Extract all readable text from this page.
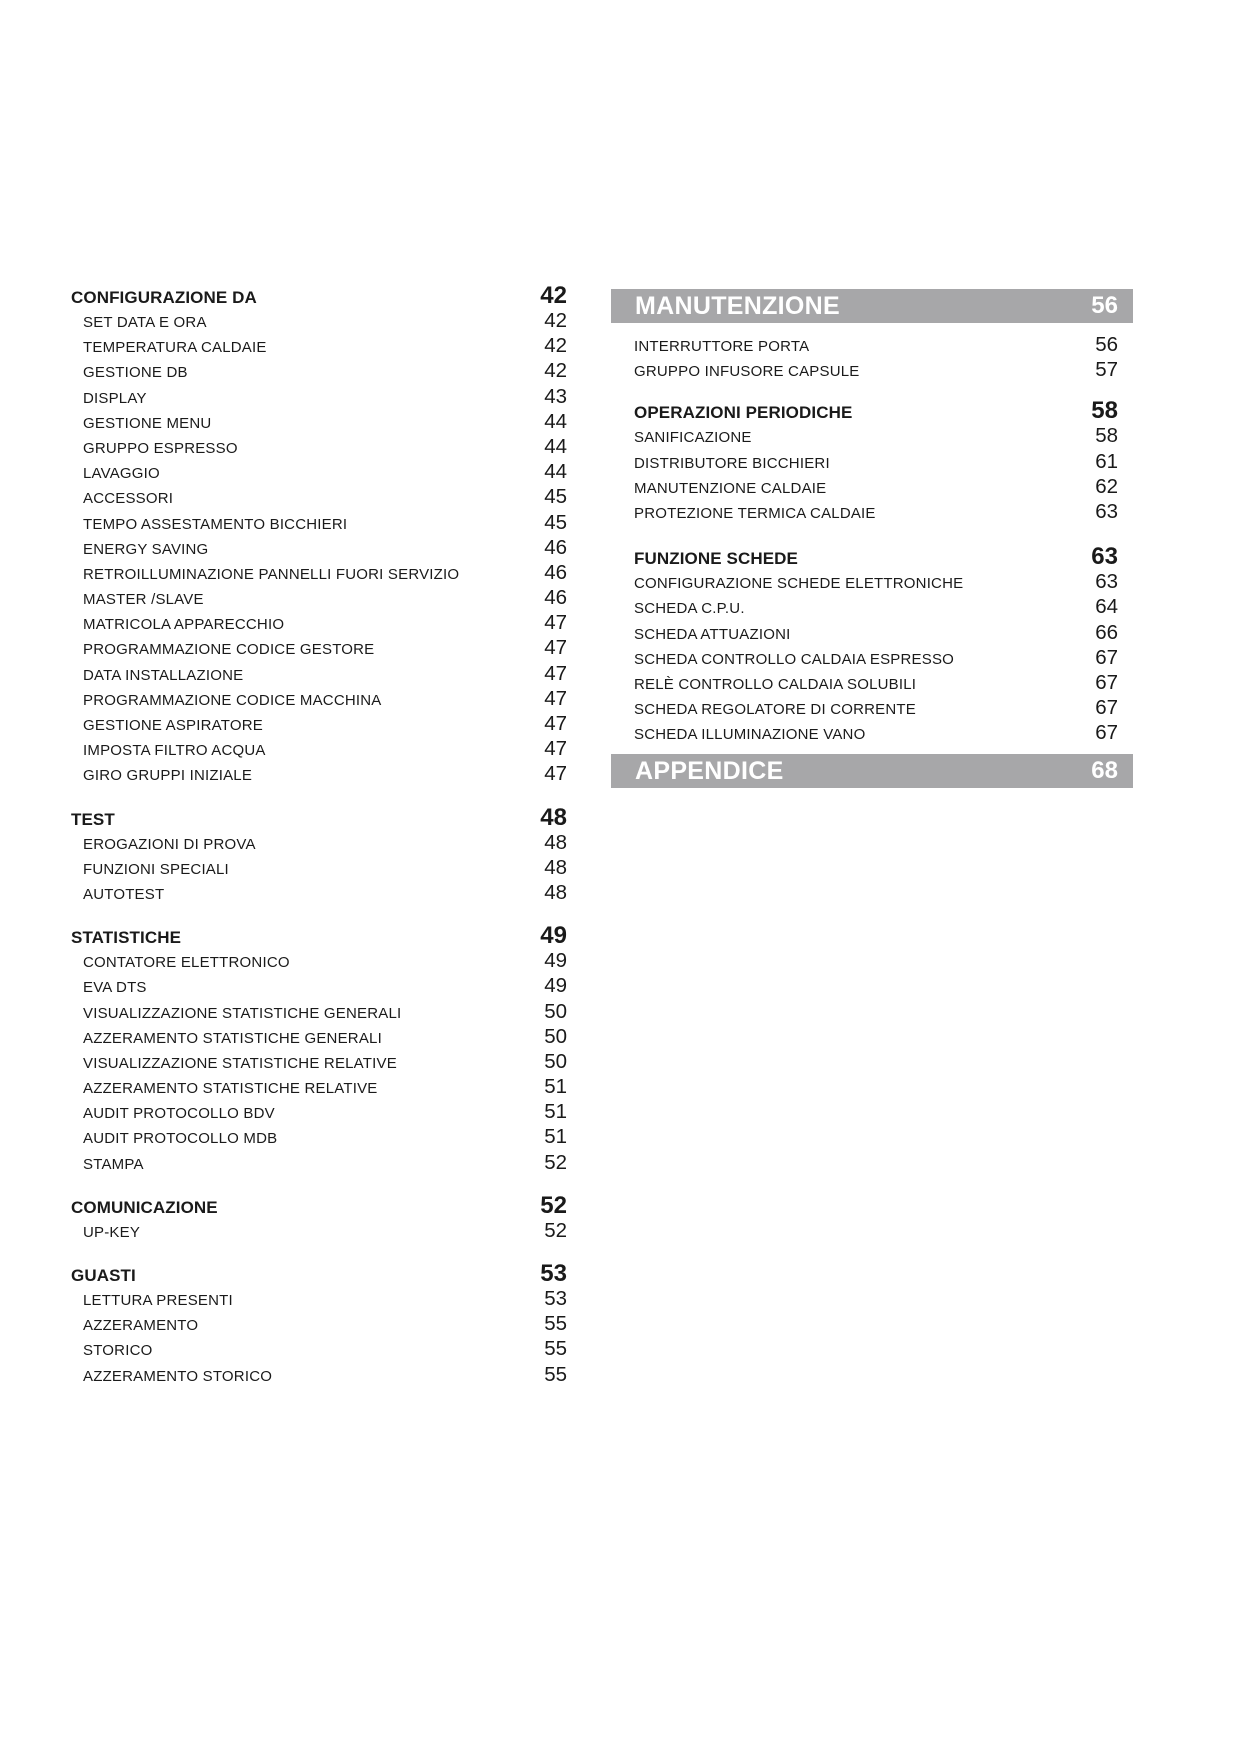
CONFIGURAZIONE DA	42
SET DATA E ORA	42
TEMPERATURA CALDAIE	42
GESTIONE DB	42
DISPLAY	43
GESTIONE MENU	44
GRUPPO ESPRESSO	44
LAVAGGIO	44
ACCESSORI	45
TEMPO ASSESTAMENTO BICCHIERI	45
ENERGY SAVING	46
RETROILLUMINAZIONE PANNELLI FUORI SERVIZIO	46
MASTER /SLAVE	46
MATRICOLA APPARECCHIO	47
PROGRAMMAZIONE CODICE GESTORE	47
DATA INSTALLAZIONE	47
PROGRAMMAZIONE CODICE MACCHINA	47
GESTIONE ASPIRATORE	47
IMPOSTA FILTRO ACQUA	47
GIRO GRUPPI INIZIALE	47
TEST	48
EROGAZIONI DI PROVA	48
FUNZIONI SPECIALI	48
AUTOTEST	48
STATISTICHE	49
CONTATORE ELETTRONICO	49
EVA DTS	49
VISUALIZZAZIONE STATISTICHE GENERALI	50
AZZERAMENTO STATISTICHE GENERALI	50
VISUALIZZAZIONE STATISTICHE RELATIVE	50
AZZERAMENTO STATISTICHE RELATIVE	51
AUDIT PROTOCOLLO BDV	51
AUDIT PROTOCOLLO MDB	51
STAMPA	52
COMUNICAZIONE	52
UP-KEY	52
GUASTI	53
LETTURA PRESENTI	53
AZZERAMENTO	55
STORICO	55
AZZERAMENTO STORICO	55
MANUTENZIONE	56
INTERRUTTORE PORTA	56
GRUPPO INFUSORE CAPSULE	57
OPERAZIONI PERIODICHE	58
SANIFICAZIONE	58
DISTRIBUTORE BICCHIERI	61
MANUTENZIONE CALDAIE	62
PROTEZIONE TERMICA CALDAIE	63
FUNZIONE SCHEDE	63
CONFIGURAZIONE SCHEDE ELETTRONICHE	63
SCHEDA C.P.U.	64
SCHEDA ATTUAZIONI	66
SCHEDA CONTROLLO CALDAIA ESPRESSO	67
RELÈ CONTROLLO CALDAIA SOLUBILI	67
SCHEDA REGOLATORE DI CORRENTE	67
SCHEDA ILLUMINAZIONE VANO	67
APPENDICE	68
